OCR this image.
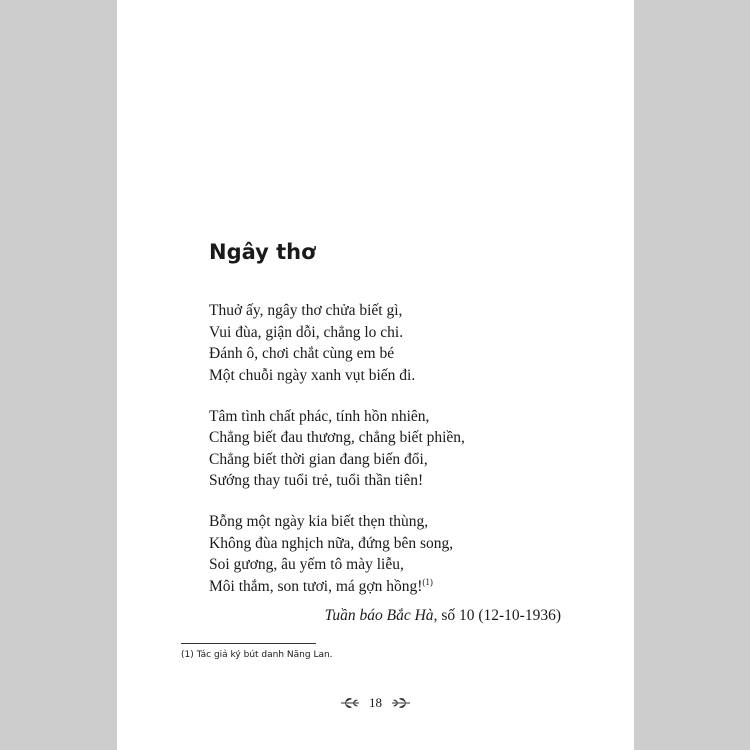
Ngây thơ
Thuở ấy, ngây thơ chửa biết gì,
Vui đùa, giận dỗi, chẳng lo chi.
Đánh ô, chơi chắt cùng em bé
Một chuỗi ngày xanh vụt biến đi.
Tâm tình chất phác, tính hồn nhiên,
Chẳng biết đau thương, chẳng biết phiền,
Chẳng biết thời gian đang biến đổi,
Sướng thay tuổi trẻ, tuổi thần tiên!
Bỗng một ngày kia biết thẹn thùng,
Không đùa nghịch nữa, đứng bên song,
Soi gương, âu yếm tô mày liễu,
Môi thắm, son tươi, má gợn hồng!$^{(1)}$
Tuần báo Bắc Hà, số 10 (12-10-1936)
(1) Tác giả ký bút danh Năng Lan.
18
